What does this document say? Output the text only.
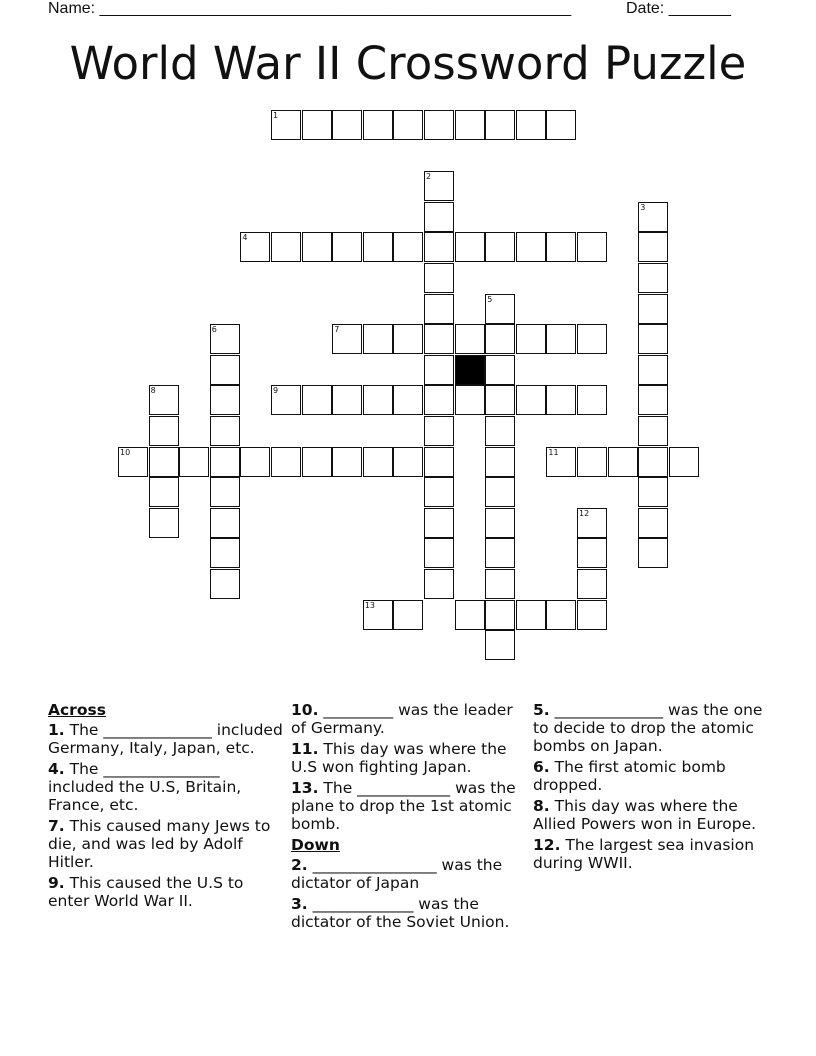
Name: _____________________________________________________	Date: _______
World War II Crossword Puzzle
1
2
3
4
5
6	7
8	9
10	11
12
13
Across
1. The ______________ included Germany, Italy, Japan, etc.
4. The _______________ included the U.S, Britain, France, etc.
7. This caused many Jews to die, and was led by Adolf Hitler.
9. This caused the U.S to enter World War II.
10. _________ was the leader of Germany.
11. This day was where the U.S won fighting Japan.
13. The ____________ was the plane to drop the 1st atomic bomb.
Down
2. ________________ was the dictator of Japan
3. _____________ was the dictator of the Soviet Union.
5. ______________ was the one to decide to drop the atomic bombs on Japan.
6. The first atomic bomb dropped.
8. This day was where the Allied Powers won in Europe.
12. The largest sea invasion during WWII.
